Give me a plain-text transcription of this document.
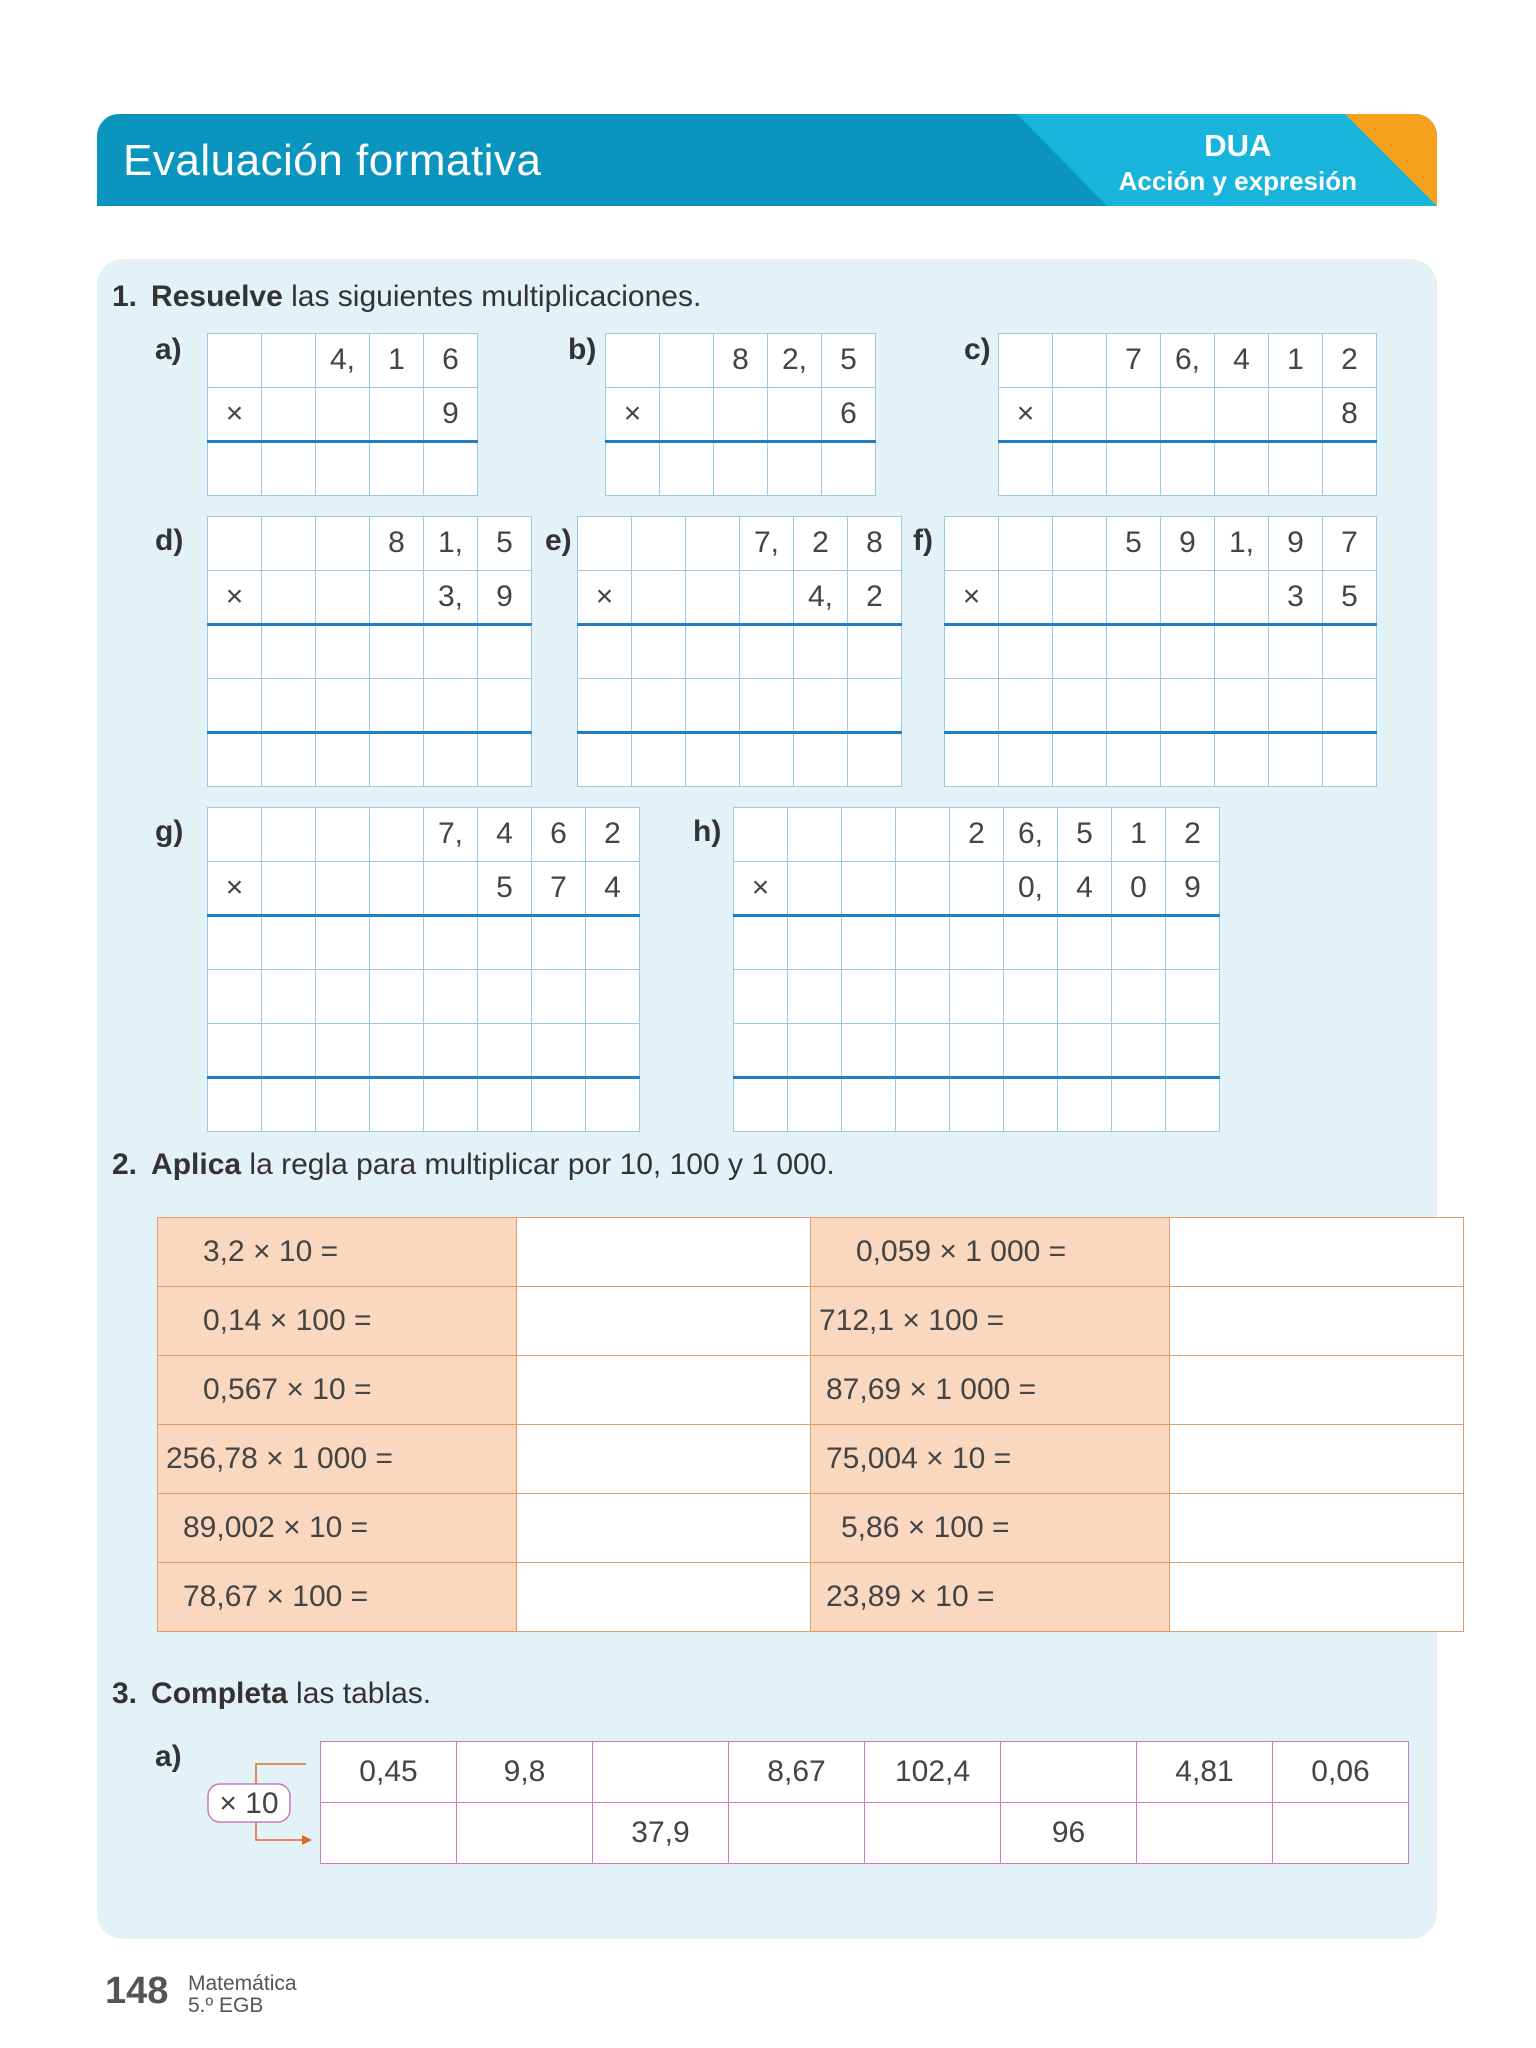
Evaluación formativa	DUA
Acción y expresión
1. Resuelve las siguientes multiplicaciones.
a)	4,	1	6
×	9
b)	8	2,	5
×	6
c)	7	6,	4	1	2
×	8
d)	8	1,	5
×	3,	9
e)	7,	2	8
×	4,	2
f)	5	9	1,	9	7
×	3	5
g)	7,	4	6	2
×	5	7	4
h)	2	6,	5	1	2
×	0,	4	0	9
2. Aplica la regla para multiplicar por 10, 100 y 1 000.
3,2 × 10 =		0,059 × 1 000 =	
0,14 × 100 =		712,1 × 100 =	
0,567 × 10 =		87,69 × 1 000 =	
256,78 × 1 000 =		75,004 × 10 =	
89,002 × 10 =		5,86 × 100 =	
78,67 × 100 =		23,89 × 10 =	
3. Completa las tablas.
a)
× 10
0,45	9,8		8,67	102,4		4,81	0,06
		37,9			96		
148 Matemática
5.º EGB
